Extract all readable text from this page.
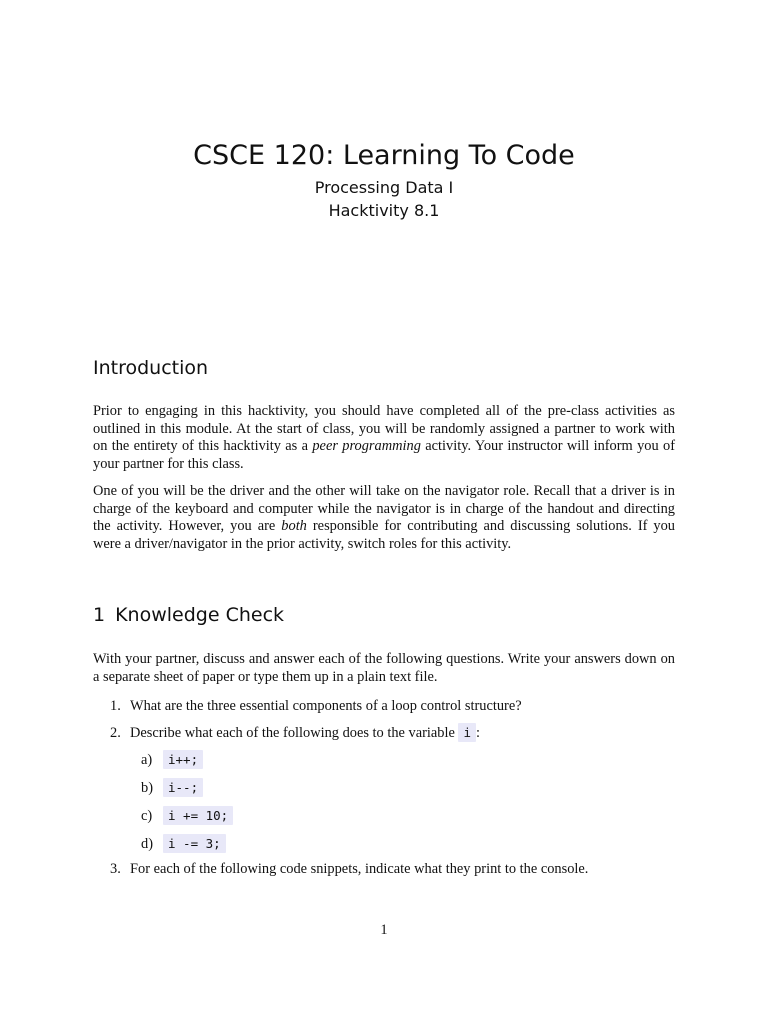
CSCE 120: Learning To Code
Processing Data I
Hacktivity 8.1
Introduction
Prior to engaging in this hacktivity, you should have completed all of the pre-class activities as outlined in this module. At the start of class, you will be randomly assigned a partner to work with on the entirety of this hacktivity as a peer programming activity. Your instructor will inform you of your partner for this class.
One of you will be the driver and the other will take on the navigator role. Recall that a driver is in charge of the keyboard and computer while the navigator is in charge of the handout and directing the activity. However, you are both responsible for contributing and discussing solutions. If you were a driver/navigator in the prior activity, switch roles for this activity.
1 Knowledge Check
With your partner, discuss and answer each of the following questions. Write your answers down on a separate sheet of paper or type them up in a plain text file.
1. What are the three essential components of a loop control structure?
2. Describe what each of the following does to the variable i :
a) i++;
b) i--;
c) i += 10;
d) i -= 3;
3. For each of the following code snippets, indicate what they print to the console.
1
